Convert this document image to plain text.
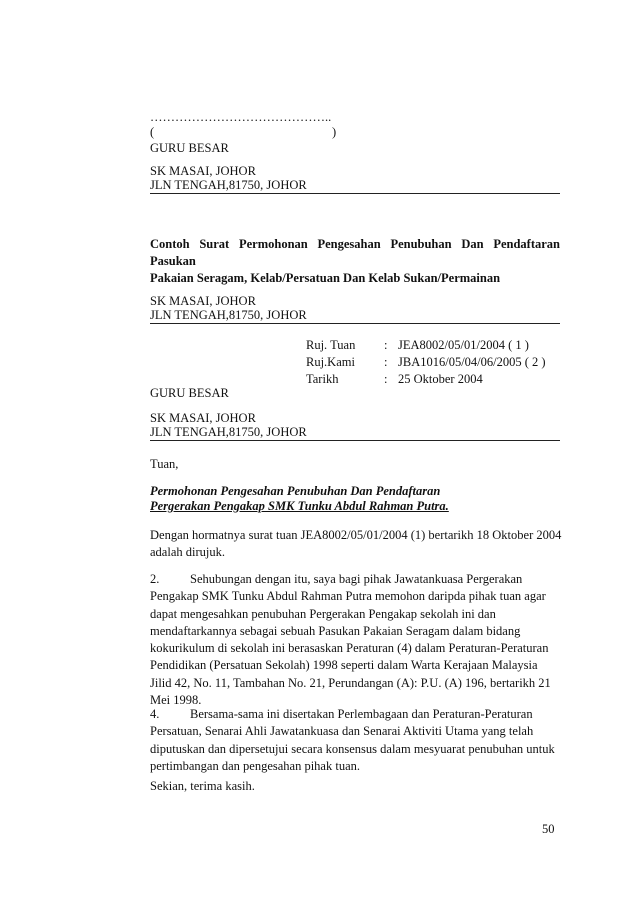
……………………………………..
(	)
GURU BESAR
SK MASAI, JOHOR
JLN TENGAH,81750, JOHOR
Contoh Surat Permohonan Pengesahan Penubuhan Dan Pendaftaran Pasukan
Pakaian Seragam, Kelab/Persatuan Dan Kelab Sukan/Permainan
SK MASAI, JOHOR
JLN TENGAH,81750, JOHOR
Ruj. Tuan : JEA8002/05/01/2004 ( 1 )
Ruj.Kami : JBA1016/05/04/06/2005 ( 2 )
Tarikh	: 25 Oktober 2004
GURU BESAR
SK MASAI, JOHOR
JLN TENGAH,81750, JOHOR
Tuan,
Permohonan Pengesahan Penubuhan Dan Pendaftaran
Pergerakan Pengakap SMK Tunku Abdul Rahman Putra.
Dengan hormatnya surat tuan JEA8002/05/01/2004 (1) bertarikh 18 Oktober 2004 adalah dirujuk.
2. Sehubungan dengan itu, saya bagi pihak Jawatankuasa Pergerakan Pengakap SMK Tunku Abdul Rahman Putra memohon daripda pihak tuan agar dapat mengesahkan penubuhan Pergerakan Pengakap sekolah ini dan mendaftarkannya sebagai sebuah Pasukan Pakaian Seragam dalam bidang kokurikulum di sekolah ini berasaskan Peraturan (4) dalam Peraturan-Peraturan Pendidikan (Persatuan Sekolah) 1998 seperti dalam Warta Kerajaan Malaysia Jilid 42, No. 11, Tambahan No. 21, Perundangan (A): P.U. (A) 196, bertarikh 21 Mei 1998.
4. Bersama-sama ini disertakan Perlembagaan dan Peraturan-Peraturan Persatuan, Senarai Ahli Jawatankuasa dan Senarai Aktiviti Utama yang telah diputuskan dan dipersetujui secara konsensus dalam mesyuarat penubuhan untuk pertimbangan dan pengesahan pihak tuan.
Sekian, terima kasih.
50
